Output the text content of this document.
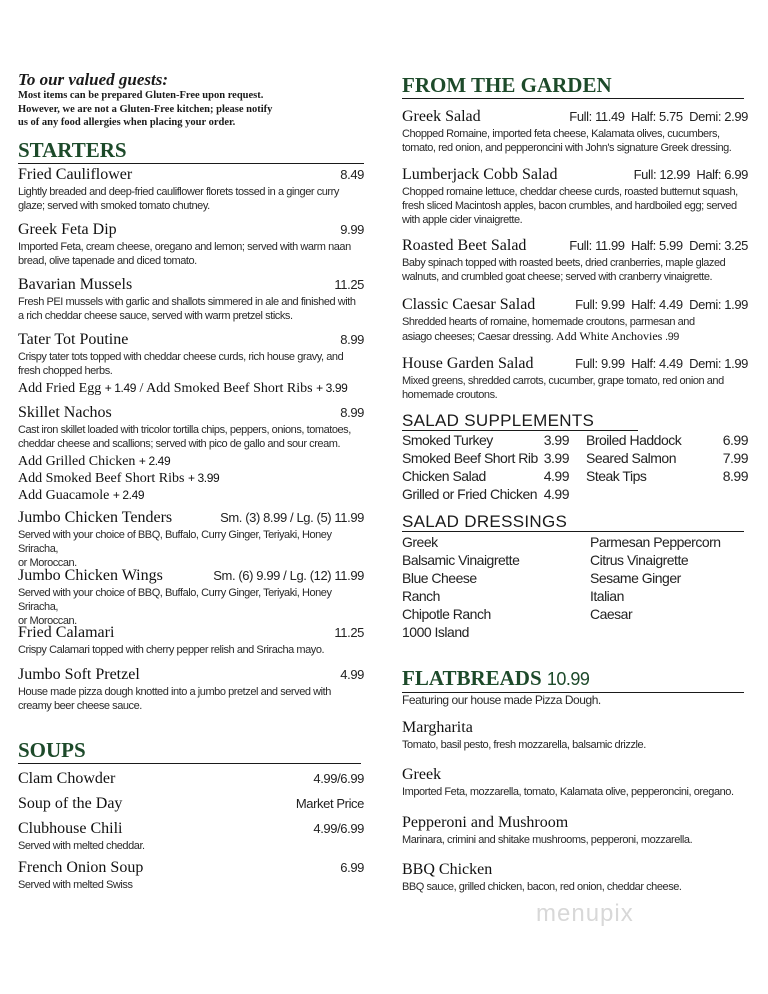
To our valued guests:
Most items can be prepared Gluten-Free upon request.
However, we are not a Gluten-Free kitchen; please notify
us of any food allergies when placing your order.
STARTERS
Fried Cauliflower	8.49
Lightly breaded and deep-fried cauliflower florets tossed in a ginger curry
glaze; served with smoked tomato chutney.
Greek Feta Dip	9.99
Imported Feta, cream cheese, oregano and lemon; served with warm naan
bread, olive tapenade and diced tomato.
Bavarian Mussels	11.25
Fresh PEI mussels with garlic and shallots simmered in ale and finished with
a rich cheddar cheese sauce, served with warm pretzel sticks.
Tater Tot Poutine	8.99
Crispy tater tots topped with cheddar cheese curds, rich house gravy, and
fresh chopped herbs.
Add Fried Egg + 1.49 / Add Smoked Beef Short Ribs + 3.99
Skillet Nachos	8.99
Cast iron skillet loaded with tricolor tortilla chips, peppers, onions, tomatoes,
cheddar cheese and scallions; served with pico de gallo and sour cream.
Add Grilled Chicken + 2.49
Add Smoked Beef Short Ribs + 3.99
Add Guacamole + 2.49
Jumbo Chicken Tenders	Sm. (3) 8.99 / Lg. (5) 11.99
Served with your choice of BBQ, Buffalo, Curry Ginger, Teriyaki, Honey Sriracha,
or Moroccan.
Jumbo Chicken Wings	Sm. (6) 9.99 / Lg. (12) 11.99
Served with your choice of BBQ, Buffalo, Curry Ginger, Teriyaki, Honey Sriracha,
or Moroccan.
Fried Calamari	11.25
Crispy Calamari topped with cherry pepper relish and Sriracha mayo.
Jumbo Soft Pretzel	4.99
House made pizza dough knotted into a jumbo pretzel and served with
creamy beer cheese sauce.
SOUPS
Clam Chowder	4.99/6.99
Soup of the Day	Market Price
Clubhouse Chili	4.99/6.99
Served with melted cheddar.
French Onion Soup	6.99
Served with melted Swiss
FROM THE GARDEN
Greek Salad	Full: 11.49  Half: 5.75  Demi: 2.99
Chopped Romaine, imported feta cheese, Kalamata olives, cucumbers,
tomato, red onion, and pepperoncini with John's signature Greek dressing.
Lumberjack Cobb Salad	Full: 12.99  Half: 6.99
Chopped romaine lettuce, cheddar cheese curds, roasted butternut squash,
fresh sliced Macintosh apples, bacon crumbles, and hardboiled egg; served
with apple cider vinaigrette.
Roasted Beet Salad	Full: 11.99  Half: 5.99  Demi: 3.25
Baby spinach topped with roasted beets, dried cranberries, maple glazed
walnuts, and crumbled goat cheese; served with cranberry vinaigrette.
Classic Caesar Salad	Full: 9.99  Half: 4.49  Demi: 1.99
Shredded hearts of romaine, homemade croutons, parmesan and
asiago cheeses; Caesar dressing. Add White Anchovies .99
House Garden Salad	Full: 9.99  Half: 4.49  Demi: 1.99
Mixed greens, shredded carrots, cucumber, grape tomato, red onion and
homemade croutons.
SALAD SUPPLEMENTS
Smoked Turkey	3.99
Smoked Beef Short Rib 3.99
Chicken Salad	4.99
Grilled or Fried Chicken 4.99
Broiled Haddock	6.99
Seared Salmon	7.99
Steak Tips	8.99
SALAD DRESSINGS
Greek
Balsamic Vinaigrette
Blue Cheese
Ranch
Chipotle Ranch
1000 Island
Parmesan Peppercorn
Citrus Vinaigrette
Sesame Ginger
Italian
Caesar
FLATBREADS 10.99
Featuring our house made Pizza Dough.
Margharita
Tomato, basil pesto, fresh mozzarella, balsamic drizzle.
Greek
Imported Feta, mozzarella, tomato, Kalamata olive, pepperoncini, oregano.
Pepperoni and Mushroom
Marinara, crimini and shitake mushrooms, pepperoni, mozzarella.
BBQ Chicken
BBQ sauce, grilled chicken, bacon, red onion, cheddar cheese.
menupix
